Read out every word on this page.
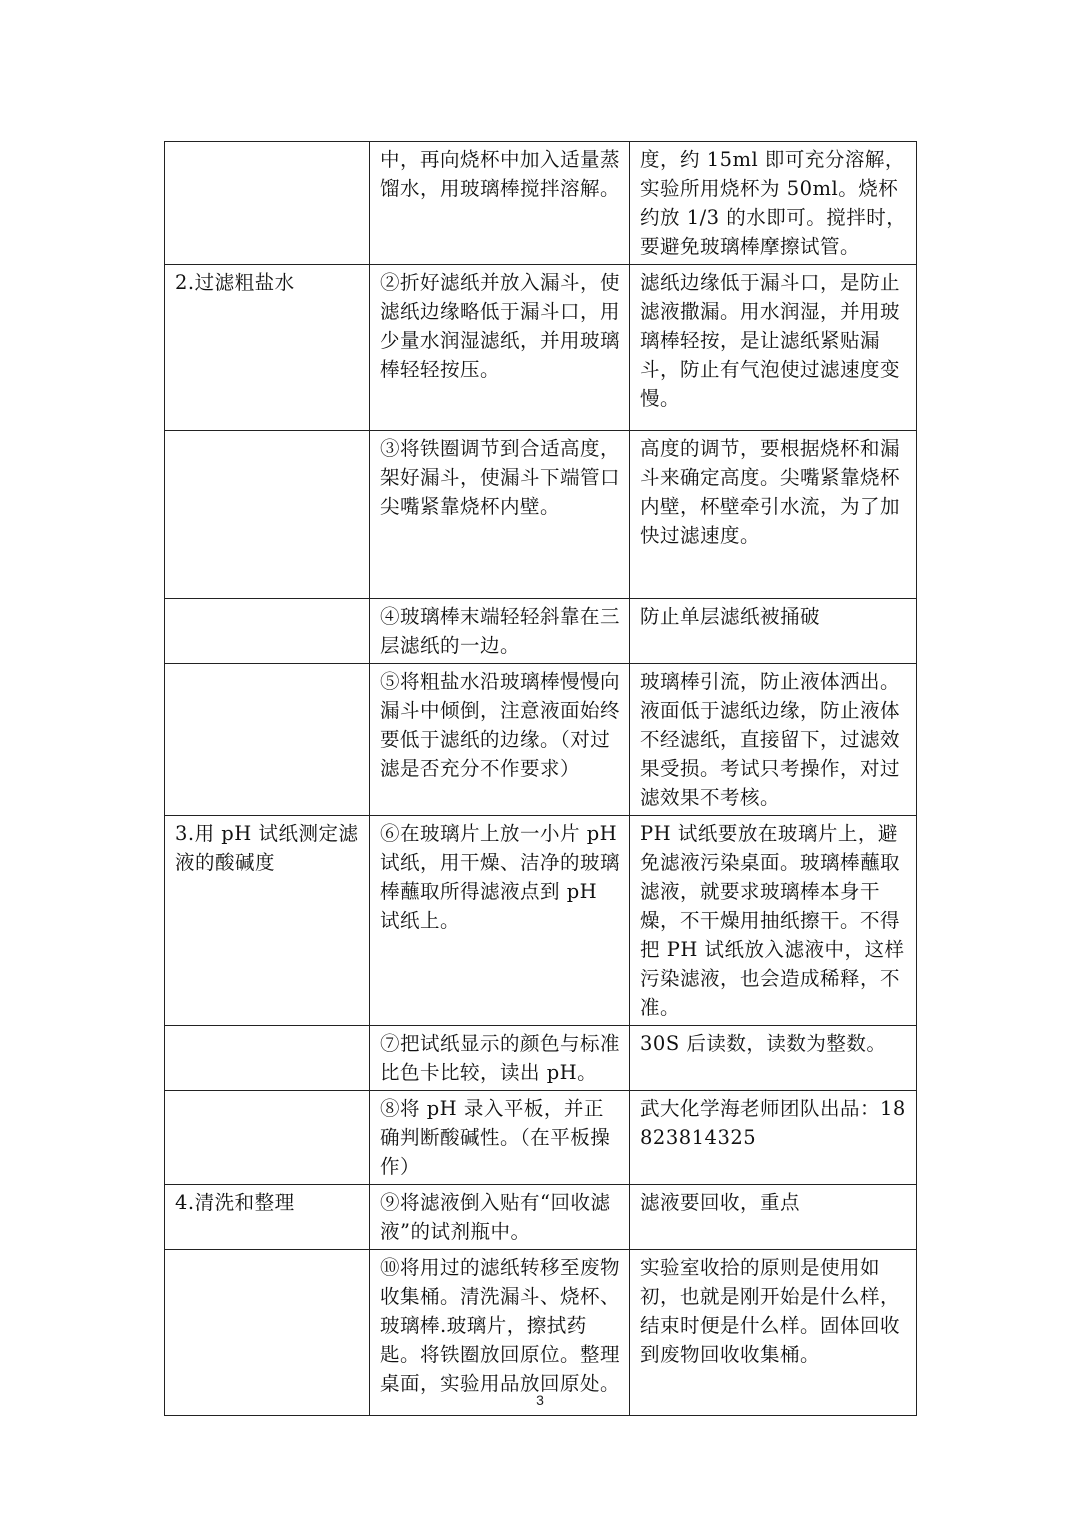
	中，再向烧杯中加入适量蒸馏水，用玻璃棒搅拌溶解。	度，约 15ml 即可充分溶解，实验所用烧杯为 50ml。烧杯约放 1/3 的水即可。搅拌时，要避免玻璃棒摩擦试管。
2.过滤粗盐水	②折好滤纸并放入漏斗，使滤纸边缘略低于漏斗口，用少量水润湿滤纸，并用玻璃棒轻轻按压。	滤纸边缘低于漏斗口，是防止滤液撒漏。用水润湿，并用玻璃棒轻按，是让滤纸紧贴漏斗，防止有气泡使过滤速度变慢。
	③将铁圈调节到合适高度，架好漏斗，使漏斗下端管口尖嘴紧靠烧杯内壁。	高度的调节，要根据烧杯和漏斗来确定高度。尖嘴紧靠烧杯内壁，杯壁牵引水流，为了加快过滤速度。
	④玻璃棒末端轻轻斜靠在三层滤纸的一边。	防止单层滤纸被捅破
	⑤将粗盐水沿玻璃棒慢慢向漏斗中倾倒，注意液面始终要低于滤纸的边缘。（对过滤是否充分不作要求）	玻璃棒引流，防止液体洒出。液面低于滤纸边缘，防止液体不经滤纸，直接留下，过滤效果受损。考试只考操作，对过滤效果不考核。
3.用 pH 试纸测定滤液的酸碱度	⑥在玻璃片上放一小片 pH 试纸，用干燥、洁净的玻璃棒蘸取所得滤液点到 pH 试纸上。	PH 试纸要放在玻璃片上，避免滤液污染桌面。玻璃棒蘸取滤液，就要求玻璃棒本身干燥，不干燥用抽纸擦干。不得把 PH 试纸放入滤液中，这样污染滤液，也会造成稀释，不准。
	⑦把试纸显示的颜色与标准比色卡比较，读出 pH。	30S 后读数，读数为整数。
	⑧将 pH 录入平板，并正确判断酸碱性。（在平板操作）	武大化学海老师团队出品：18823814325
4.清洗和整理	⑨将滤液倒入贴有“回收滤液”的试剂瓶中。	滤液要回收，重点
	⑩将用过的滤纸转移至废物收集桶。清洗漏斗、烧杯、玻璃棒.玻璃片，擦拭药匙。将铁圈放回原位。整理桌面，实验用品放回原处。	实验室收拾的原则是使用如初，也就是刚开始是什么样，结束时便是什么样。固体回收到废物回收收集桶。
3
